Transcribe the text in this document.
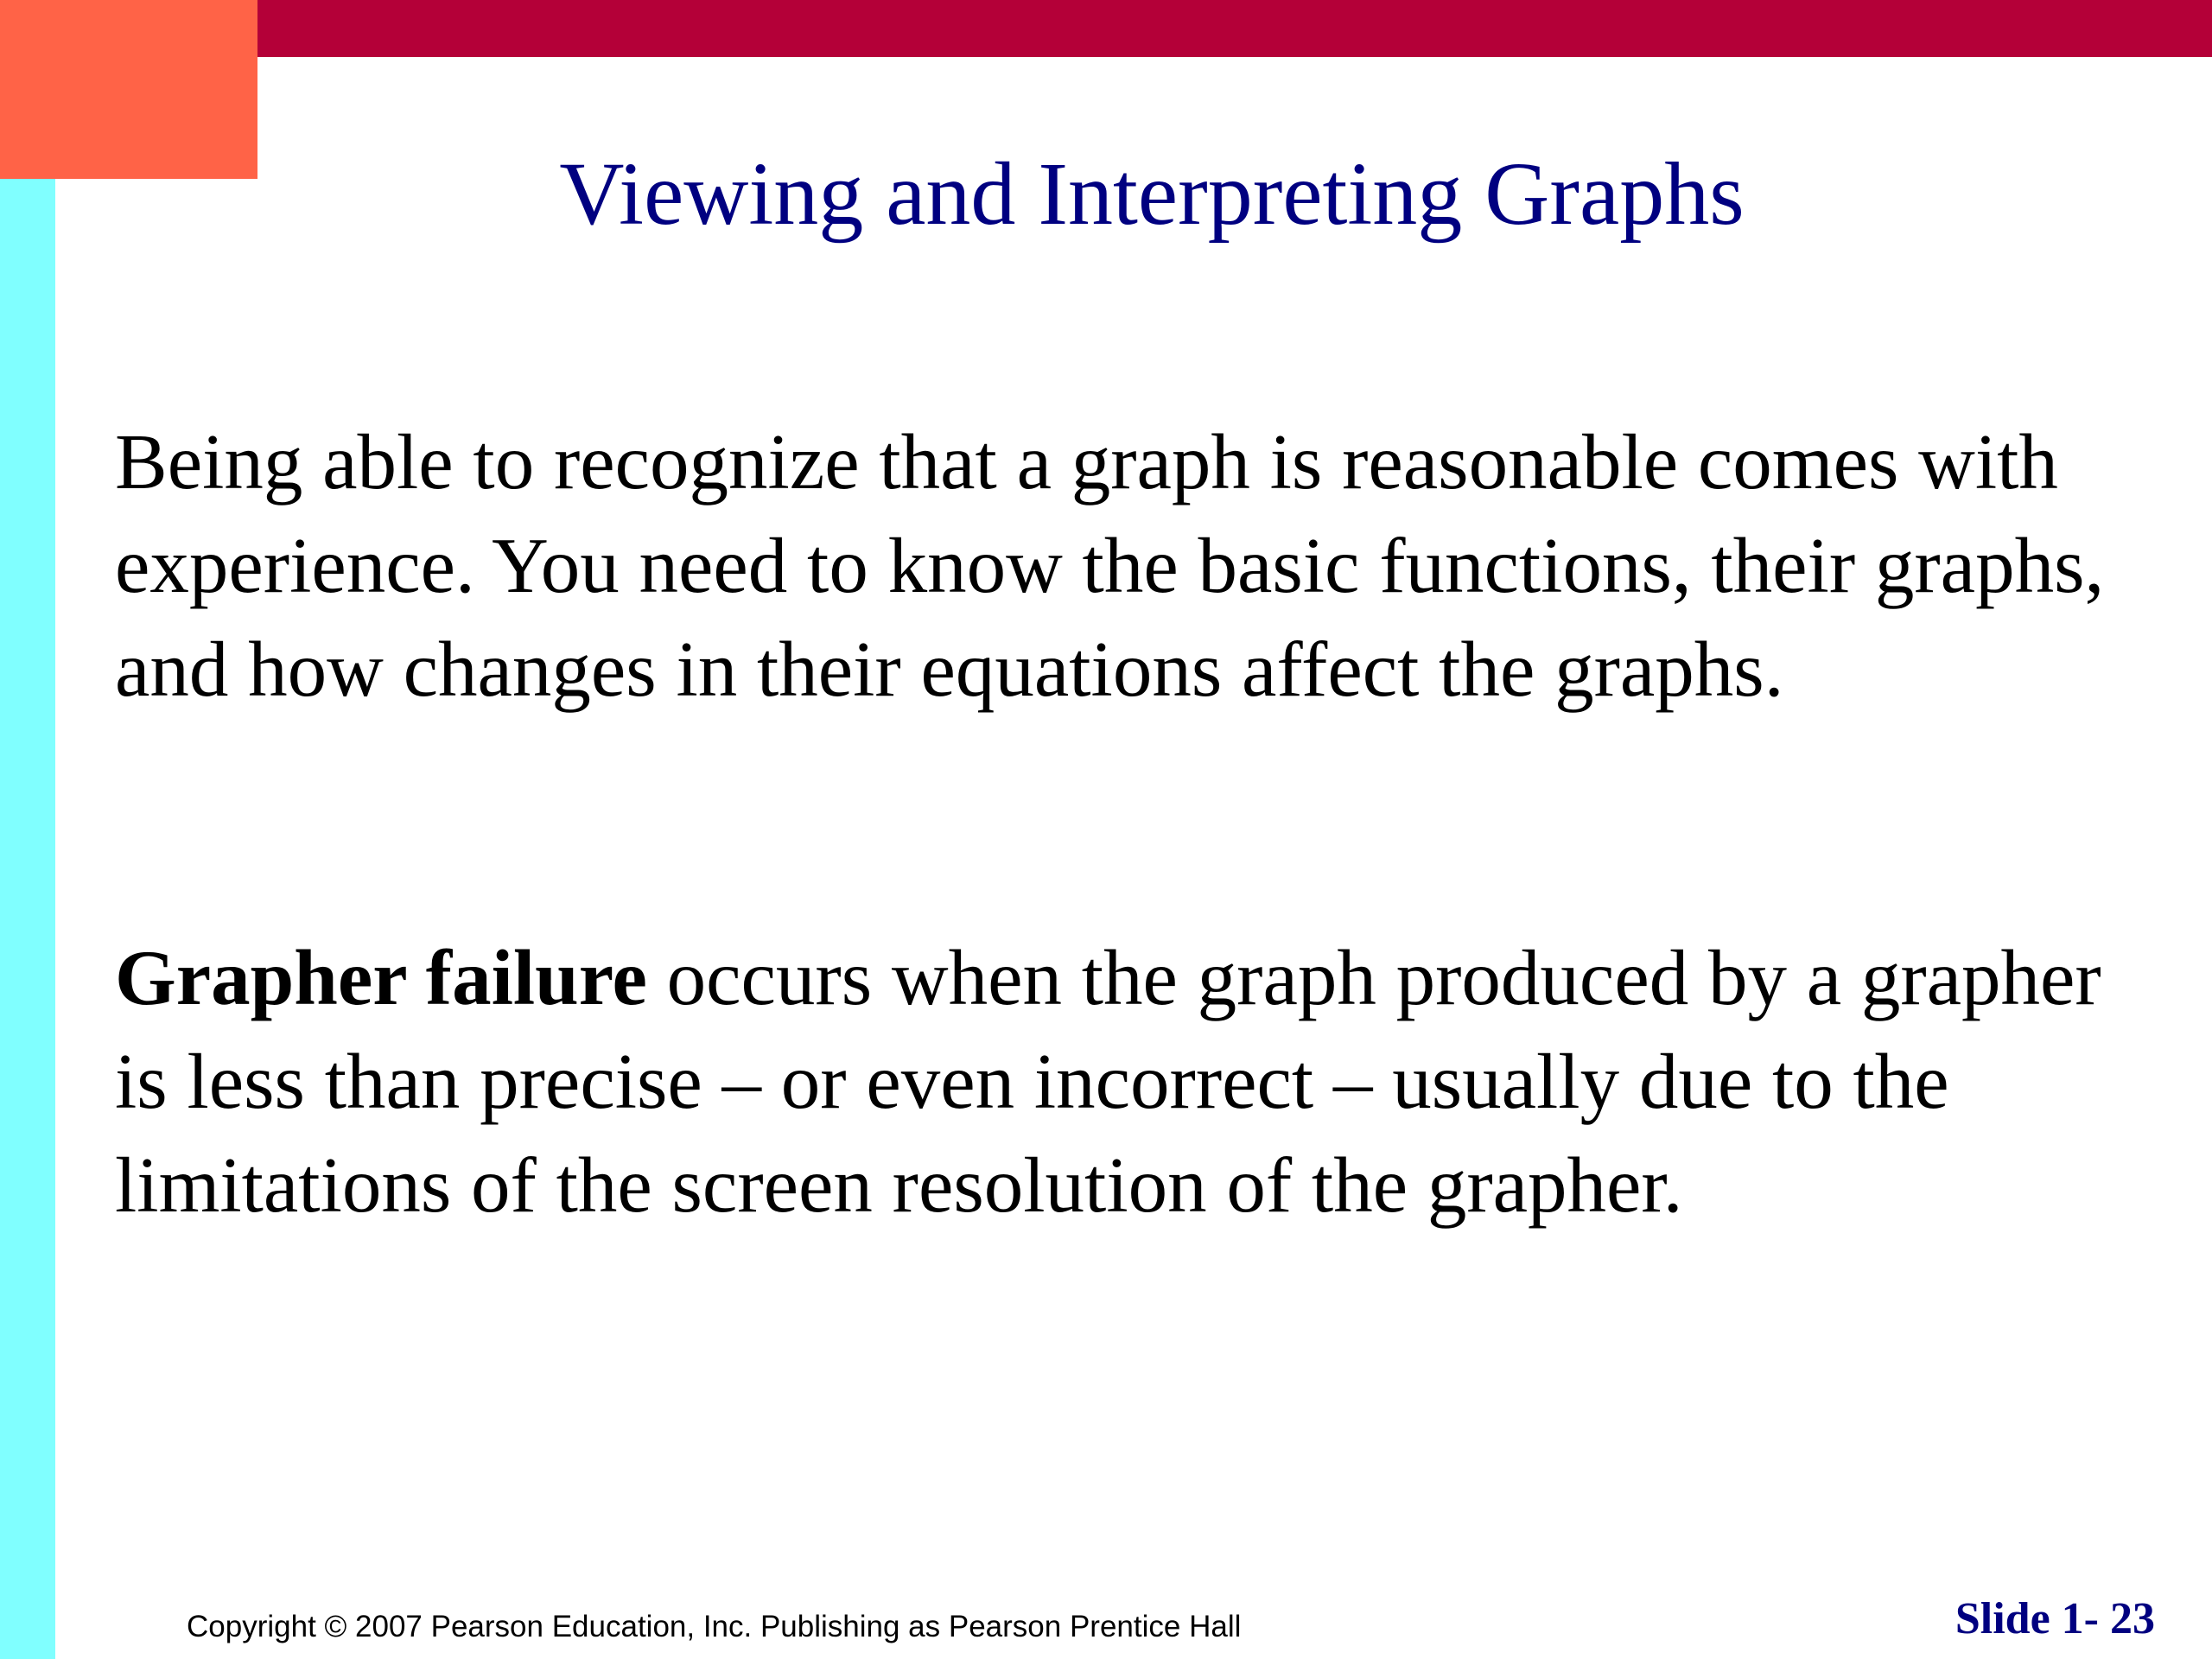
Viewing and Interpreting Graphs

Being able to recognize that a graph is reasonable comes with experience. You need to know the basic functions, their graphs, and how changes in their equations affect the graphs.

Grapher failure occurs when the graph produced by a grapher is less than precise – or even incorrect – usually due to the limitations of the screen resolution of the grapher.

Copyright © 2007 Pearson Education, Inc. Publishing as Pearson Prentice Hall	Slide 1- 23
